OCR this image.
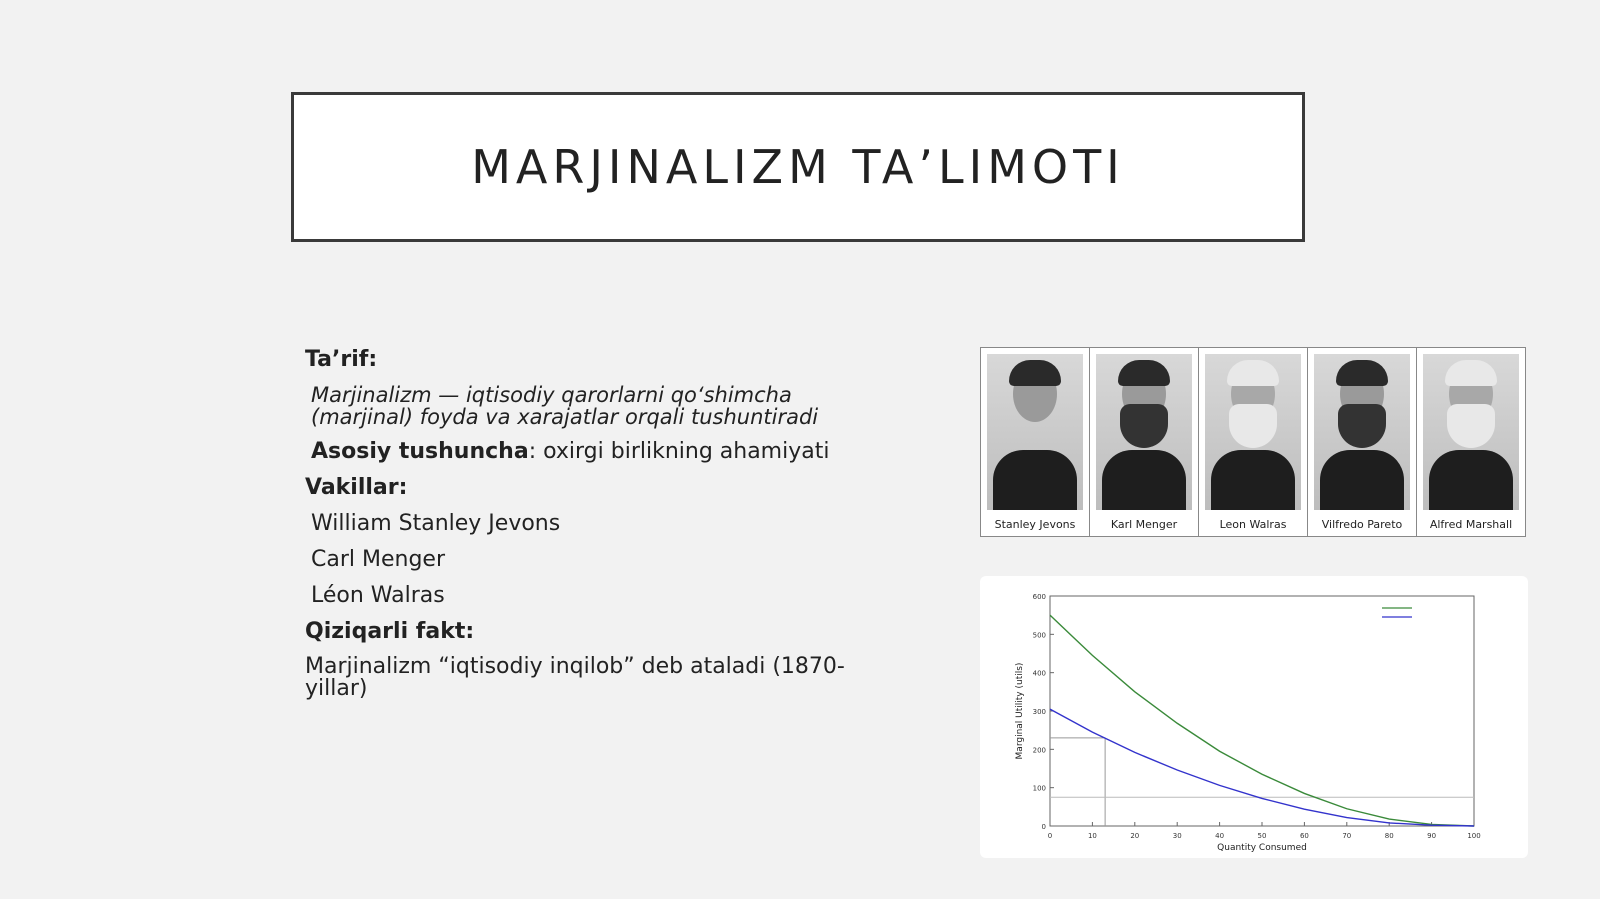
MARJINALIZM TA’LIMOTI
Ta’rif:
Marjinalizm — iqtisodiy qarorlarni qo‘shimcha (marjinal) foyda va xarajatlar orqali tushuntiradi
Asosiy tushuncha: oxirgi birlikning ahamiyati
Vakillar:
William Stanley Jevons
Carl Menger
Léon Walras
Qiziqarli fakt:
Marjinalizm “iqtisodiy inqilob” deb ataladi (1870-yillar)
Stanley Jevons	Karl Menger	Leon Walras	Vilfredo Pareto	Alfred Marshall
0	10	20	30	40	50	60	70	80	90	100
0
100
200
300
400
500
600
Quantity Consumed
Marginal Utility (utils)
